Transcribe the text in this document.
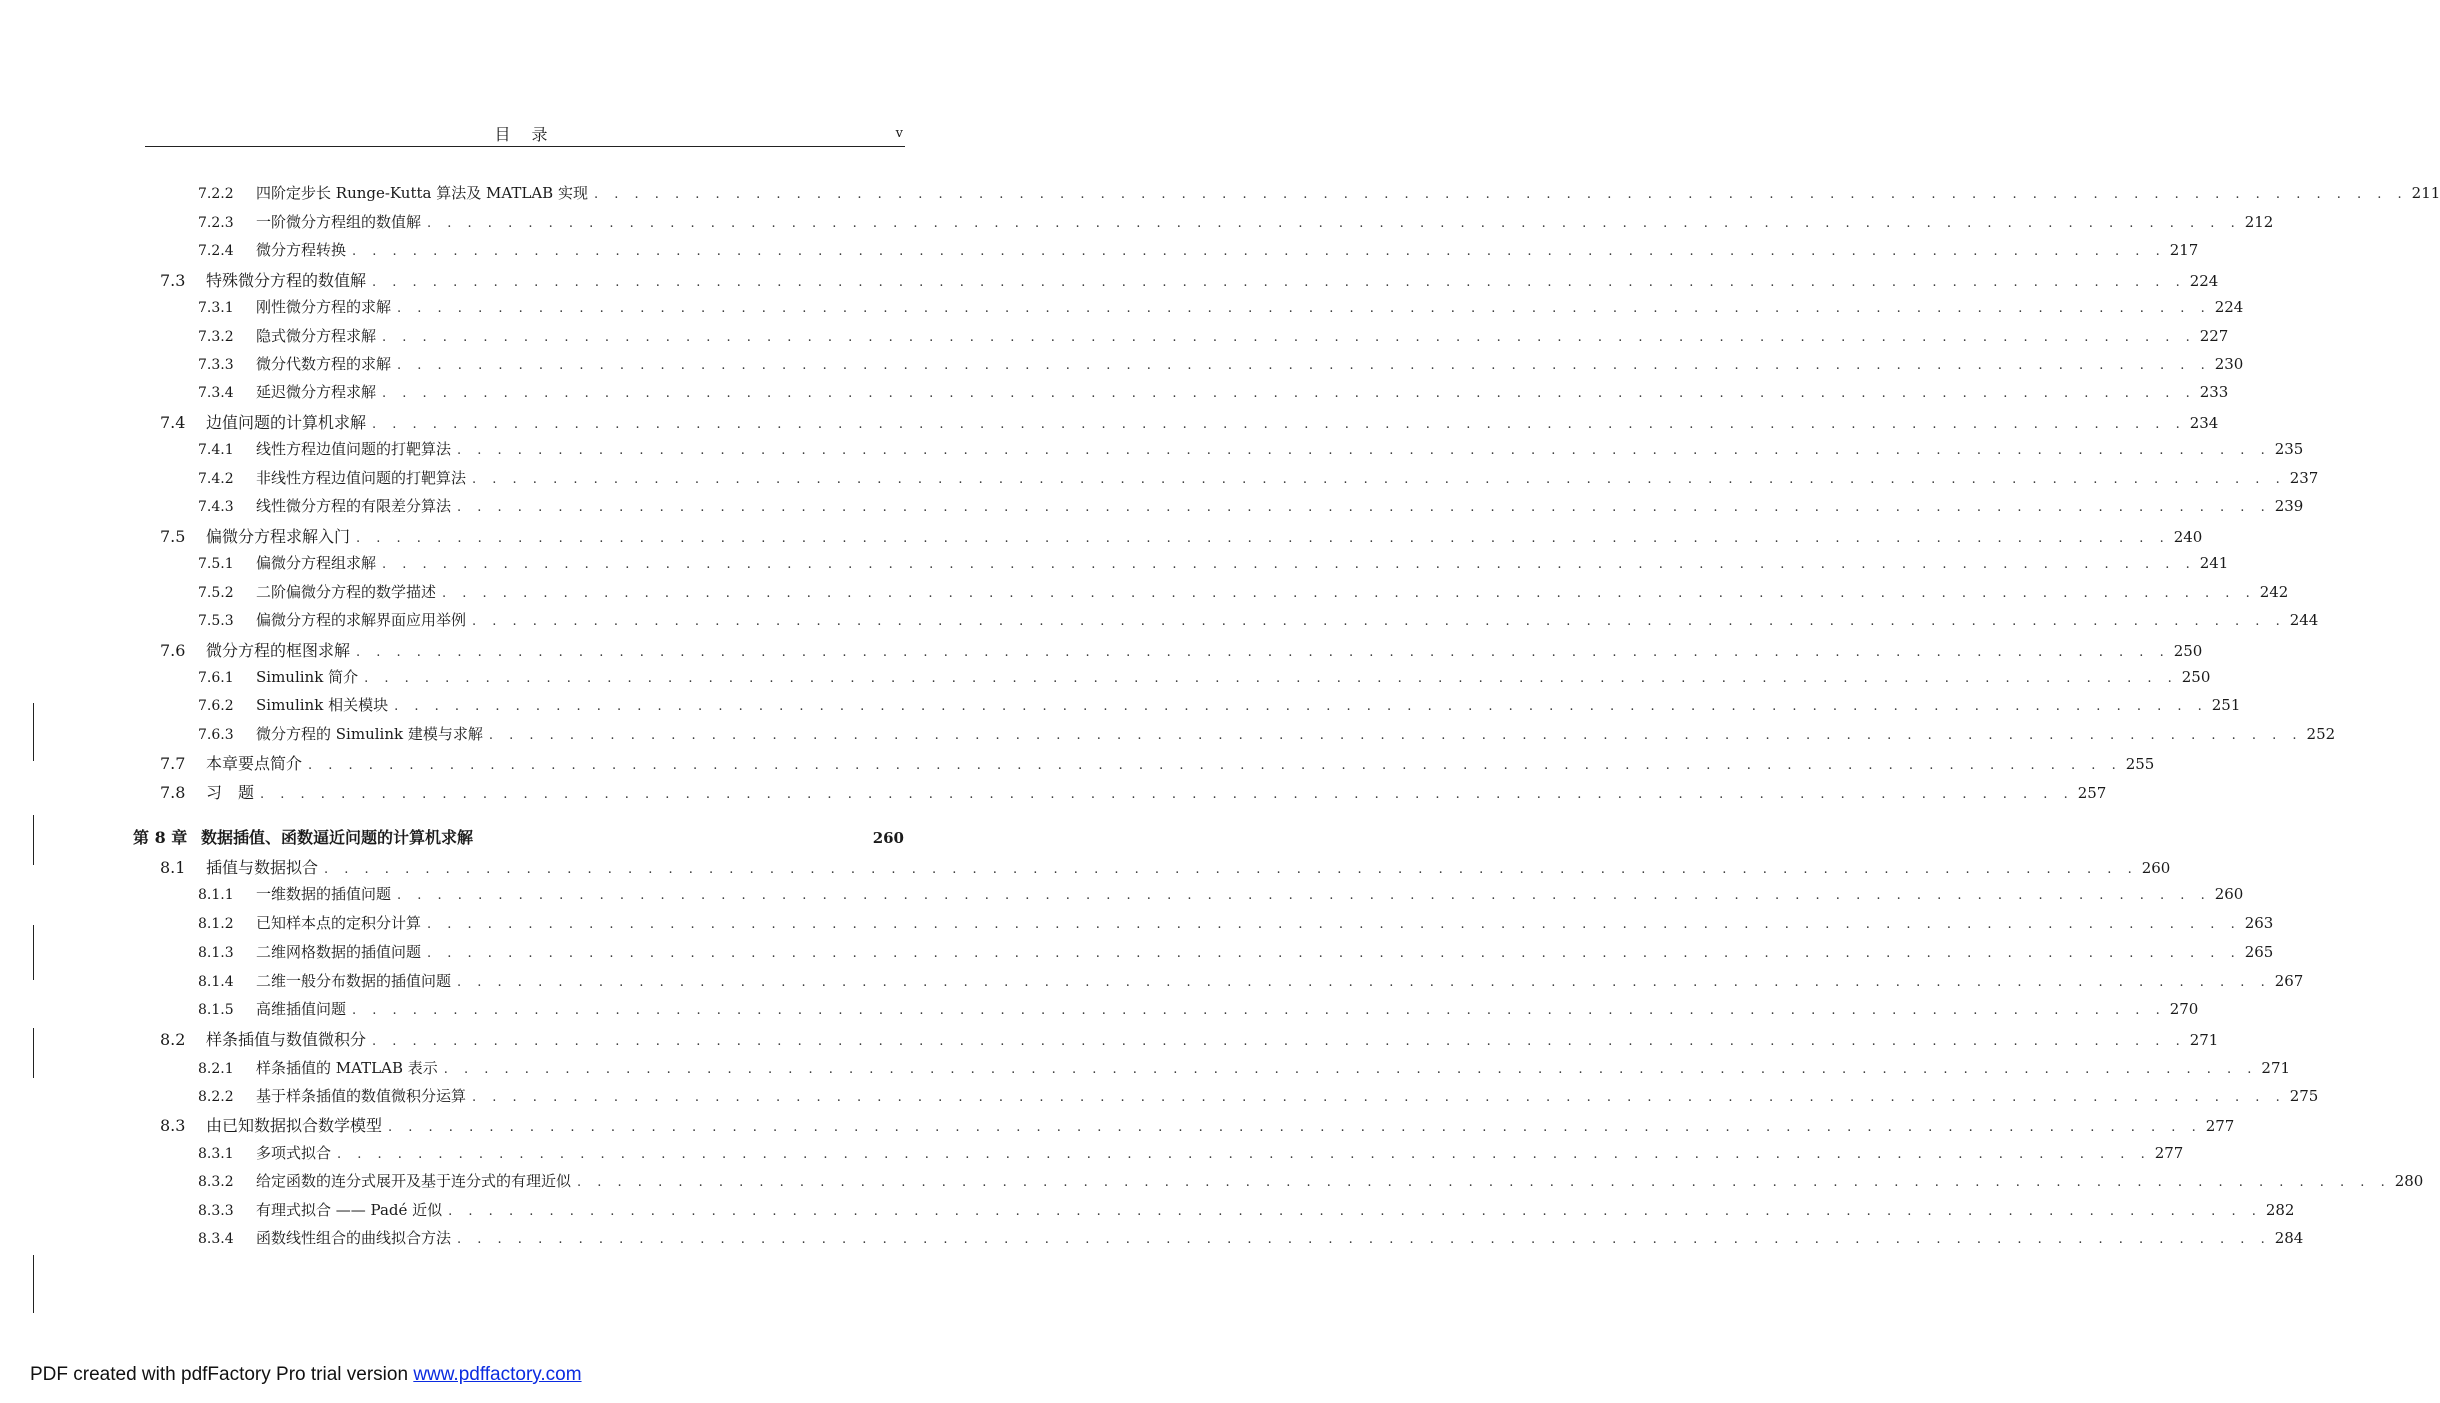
目 录	v
7.2.2	四阶定步长 Runge-Kutta 算法及 MATLAB 实现 . . . . . . . . . . . . . . . . . . . . . . . . . . . . . . . . . . . . . . . . . . . . . . . . . . . . . . . . . . . . . . . . . . . . . . . . . . . . . . . . . . . . . . . . . . 211
7.2.3	一阶微分方程组的数值解 . . . . . . . . . . . . . . . . . . . . . . . . . . . . . . . . . . . . . . . . . . . . . . . . . . . . . . . . . . . . . . . . . . . . . . . . . . . . . . . . . . . . . . . . . . 212
7.2.4	微分方程转换 . . . . . . . . . . . . . . . . . . . . . . . . . . . . . . . . . . . . . . . . . . . . . . . . . . . . . . . . . . . . . . . . . . . . . . . . . . . . . . . . . . . . . . . . . . 217
7.3	特殊微分方程的数值解 . . . . . . . . . . . . . . . . . . . . . . . . . . . . . . . . . . . . . . . . . . . . . . . . . . . . . . . . . . . . . . . . . . . . . . . . . . . . . . . . . . . . . . . . . . 224
7.3.1	刚性微分方程的求解 . . . . . . . . . . . . . . . . . . . . . . . . . . . . . . . . . . . . . . . . . . . . . . . . . . . . . . . . . . . . . . . . . . . . . . . . . . . . . . . . . . . . . . . . . . 224
7.3.2	隐式微分方程求解 . . . . . . . . . . . . . . . . . . . . . . . . . . . . . . . . . . . . . . . . . . . . . . . . . . . . . . . . . . . . . . . . . . . . . . . . . . . . . . . . . . . . . . . . . . 227
7.3.3	微分代数方程的求解 . . . . . . . . . . . . . . . . . . . . . . . . . . . . . . . . . . . . . . . . . . . . . . . . . . . . . . . . . . . . . . . . . . . . . . . . . . . . . . . . . . . . . . . . . . 230
7.3.4	延迟微分方程求解 . . . . . . . . . . . . . . . . . . . . . . . . . . . . . . . . . . . . . . . . . . . . . . . . . . . . . . . . . . . . . . . . . . . . . . . . . . . . . . . . . . . . . . . . . . 233
7.4	边值问题的计算机求解 . . . . . . . . . . . . . . . . . . . . . . . . . . . . . . . . . . . . . . . . . . . . . . . . . . . . . . . . . . . . . . . . . . . . . . . . . . . . . . . . . . . . . . . . . . 234
7.4.1	线性方程边值问题的打靶算法 . . . . . . . . . . . . . . . . . . . . . . . . . . . . . . . . . . . . . . . . . . . . . . . . . . . . . . . . . . . . . . . . . . . . . . . . . . . . . . . . . . . . . . . . . . 235
7.4.2	非线性方程边值问题的打靶算法 . . . . . . . . . . . . . . . . . . . . . . . . . . . . . . . . . . . . . . . . . . . . . . . . . . . . . . . . . . . . . . . . . . . . . . . . . . . . . . . . . . . . . . . . . . 237
7.4.3	线性微分方程的有限差分算法 . . . . . . . . . . . . . . . . . . . . . . . . . . . . . . . . . . . . . . . . . . . . . . . . . . . . . . . . . . . . . . . . . . . . . . . . . . . . . . . . . . . . . . . . . . 239
7.5	偏微分方程求解入门 . . . . . . . . . . . . . . . . . . . . . . . . . . . . . . . . . . . . . . . . . . . . . . . . . . . . . . . . . . . . . . . . . . . . . . . . . . . . . . . . . . . . . . . . . . 240
7.5.1	偏微分方程组求解 . . . . . . . . . . . . . . . . . . . . . . . . . . . . . . . . . . . . . . . . . . . . . . . . . . . . . . . . . . . . . . . . . . . . . . . . . . . . . . . . . . . . . . . . . . 241
7.5.2	二阶偏微分方程的数学描述 . . . . . . . . . . . . . . . . . . . . . . . . . . . . . . . . . . . . . . . . . . . . . . . . . . . . . . . . . . . . . . . . . . . . . . . . . . . . . . . . . . . . . . . . . . 242
7.5.3	偏微分方程的求解界面应用举例 . . . . . . . . . . . . . . . . . . . . . . . . . . . . . . . . . . . . . . . . . . . . . . . . . . . . . . . . . . . . . . . . . . . . . . . . . . . . . . . . . . . . . . . . . . 244
7.6	微分方程的框图求解 . . . . . . . . . . . . . . . . . . . . . . . . . . . . . . . . . . . . . . . . . . . . . . . . . . . . . . . . . . . . . . . . . . . . . . . . . . . . . . . . . . . . . . . . . . 250
7.6.1	Simulink 简介 . . . . . . . . . . . . . . . . . . . . . . . . . . . . . . . . . . . . . . . . . . . . . . . . . . . . . . . . . . . . . . . . . . . . . . . . . . . . . . . . . . . . . . . . . . 250
7.6.2	Simulink 相关模块 . . . . . . . . . . . . . . . . . . . . . . . . . . . . . . . . . . . . . . . . . . . . . . . . . . . . . . . . . . . . . . . . . . . . . . . . . . . . . . . . . . . . . . . . . . 251
7.6.3	微分方程的 Simulink 建模与求解 . . . . . . . . . . . . . . . . . . . . . . . . . . . . . . . . . . . . . . . . . . . . . . . . . . . . . . . . . . . . . . . . . . . . . . . . . . . . . . . . . . . . . . . . . . 252
7.7	本章要点简介 . . . . . . . . . . . . . . . . . . . . . . . . . . . . . . . . . . . . . . . . . . . . . . . . . . . . . . . . . . . . . . . . . . . . . . . . . . . . . . . . . . . . . . . . . . 255
7.8	习　题 . . . . . . . . . . . . . . . . . . . . . . . . . . . . . . . . . . . . . . . . . . . . . . . . . . . . . . . . . . . . . . . . . . . . . . . . . . . . . . . . . . . . . . . . . . 257
第 8 章 数据插值、函数逼近问题的计算机求解	260
8.1	插值与数据拟合 . . . . . . . . . . . . . . . . . . . . . . . . . . . . . . . . . . . . . . . . . . . . . . . . . . . . . . . . . . . . . . . . . . . . . . . . . . . . . . . . . . . . . . . . . . 260
8.1.1	一维数据的插值问题 . . . . . . . . . . . . . . . . . . . . . . . . . . . . . . . . . . . . . . . . . . . . . . . . . . . . . . . . . . . . . . . . . . . . . . . . . . . . . . . . . . . . . . . . . . 260
8.1.2	已知样本点的定积分计算 . . . . . . . . . . . . . . . . . . . . . . . . . . . . . . . . . . . . . . . . . . . . . . . . . . . . . . . . . . . . . . . . . . . . . . . . . . . . . . . . . . . . . . . . . . 263
8.1.3	二维网格数据的插值问题 . . . . . . . . . . . . . . . . . . . . . . . . . . . . . . . . . . . . . . . . . . . . . . . . . . . . . . . . . . . . . . . . . . . . . . . . . . . . . . . . . . . . . . . . . . 265
8.1.4	二维一般分布数据的插值问题 . . . . . . . . . . . . . . . . . . . . . . . . . . . . . . . . . . . . . . . . . . . . . . . . . . . . . . . . . . . . . . . . . . . . . . . . . . . . . . . . . . . . . . . . . . 267
8.1.5	高维插值问题 . . . . . . . . . . . . . . . . . . . . . . . . . . . . . . . . . . . . . . . . . . . . . . . . . . . . . . . . . . . . . . . . . . . . . . . . . . . . . . . . . . . . . . . . . . 270
8.2	样条插值与数值微积分 . . . . . . . . . . . . . . . . . . . . . . . . . . . . . . . . . . . . . . . . . . . . . . . . . . . . . . . . . . . . . . . . . . . . . . . . . . . . . . . . . . . . . . . . . . 271
8.2.1	样条插值的 MATLAB 表示 . . . . . . . . . . . . . . . . . . . . . . . . . . . . . . . . . . . . . . . . . . . . . . . . . . . . . . . . . . . . . . . . . . . . . . . . . . . . . . . . . . . . . . . . . . 271
8.2.2	基于样条插值的数值微积分运算 . . . . . . . . . . . . . . . . . . . . . . . . . . . . . . . . . . . . . . . . . . . . . . . . . . . . . . . . . . . . . . . . . . . . . . . . . . . . . . . . . . . . . . . . . . 275
8.3	由已知数据拟合数学模型 . . . . . . . . . . . . . . . . . . . . . . . . . . . . . . . . . . . . . . . . . . . . . . . . . . . . . . . . . . . . . . . . . . . . . . . . . . . . . . . . . . . . . . . . . . 277
8.3.1	多项式拟合 . . . . . . . . . . . . . . . . . . . . . . . . . . . . . . . . . . . . . . . . . . . . . . . . . . . . . . . . . . . . . . . . . . . . . . . . . . . . . . . . . . . . . . . . . . 277
8.3.2	给定函数的连分式展开及基于连分式的有理近似 . . . . . . . . . . . . . . . . . . . . . . . . . . . . . . . . . . . . . . . . . . . . . . . . . . . . . . . . . . . . . . . . . . . . . . . . . . . . . . . . . . . . . . . . . . 280
8.3.3	有理式拟合 —— Padé 近似 . . . . . . . . . . . . . . . . . . . . . . . . . . . . . . . . . . . . . . . . . . . . . . . . . . . . . . . . . . . . . . . . . . . . . . . . . . . . . . . . . . . . . . . . . . 282
8.3.4	函数线性组合的曲线拟合方法 . . . . . . . . . . . . . . . . . . . . . . . . . . . . . . . . . . . . . . . . . . . . . . . . . . . . . . . . . . . . . . . . . . . . . . . . . . . . . . . . . . . . . . . . . . 284
PDF created with pdfFactory Pro trial version www.pdffactory.com
